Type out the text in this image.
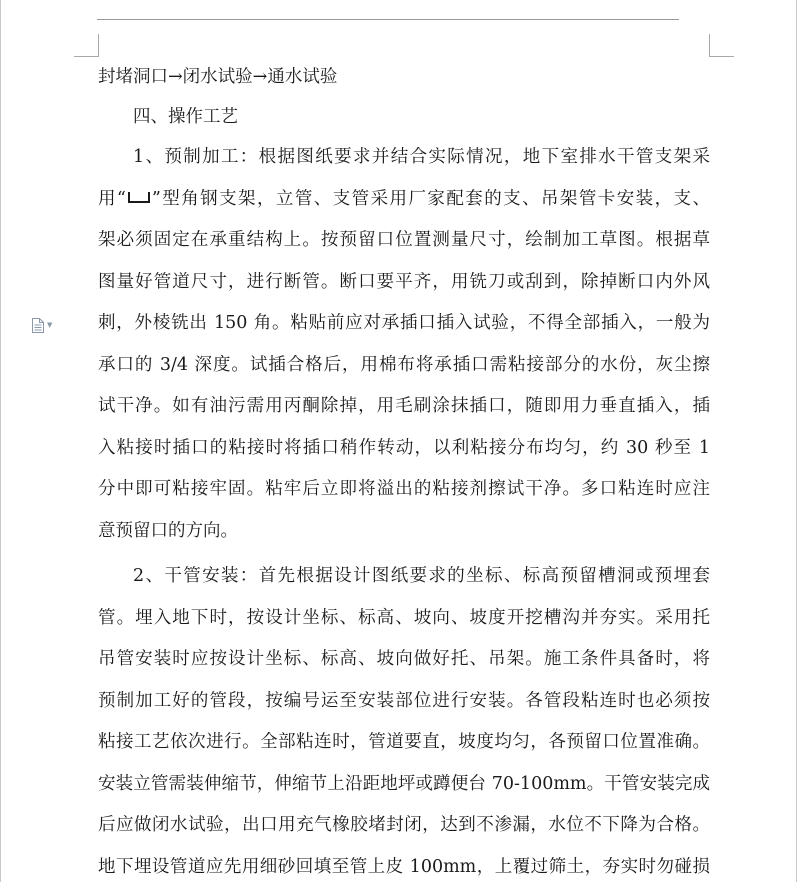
▼
封堵洞口→闭水试验→通水试验
四、操作工艺
1、预制加工：根据图纸要求并结合实际情况，地下室排水干管支架采
用“ ”型角钢支架，立管、支管采用厂家配套的支、吊架管卡安装，支、
架必须固定在承重结构上。按预留口位置测量尺寸，绘制加工草图。根据草
图量好管道尺寸，进行断管。断口要平齐，用铣刀或刮到，除掉断口内外风
刺，外棱铣出 150 角。粘贴前应对承插口插入试验，不得全部插入，一般为
承口的 3/4 深度。试插合格后，用棉布将承插口需粘接部分的水份，灰尘擦
试干净。如有油污需用丙酮除掉，用毛刷涂抹插口，随即用力垂直插入，插
入粘接时插口的粘接时将插口稍作转动，以利粘接分布均匀，约 30 秒至 1
分中即可粘接牢固。粘牢后立即将溢出的粘接剂擦试干净。多口粘连时应注
意预留口的方向。
2、干管安装：首先根据设计图纸要求的坐标、标高预留槽洞或预埋套
管。埋入地下时，按设计坐标、标高、坡向、坡度开挖槽沟并夯实。采用托
吊管安装时应按设计坐标、标高、坡向做好托、吊架。施工条件具备时，将
预制加工好的管段，按编号运至安装部位进行安装。各管段粘连时也必须按
粘接工艺依次进行。全部粘连时，管道要直，坡度均匀，各预留口位置准确。
安装立管需装伸缩节，伸缩节上沿距地坪或蹲便台 70-100mm。干管安装完成
后应做闭水试验，出口用充气橡胶堵封闭，达到不渗漏，水位不下降为合格。
地下埋设管道应先用细砂回填至管上皮 100mm，上覆过筛土，夯实时勿碰损
